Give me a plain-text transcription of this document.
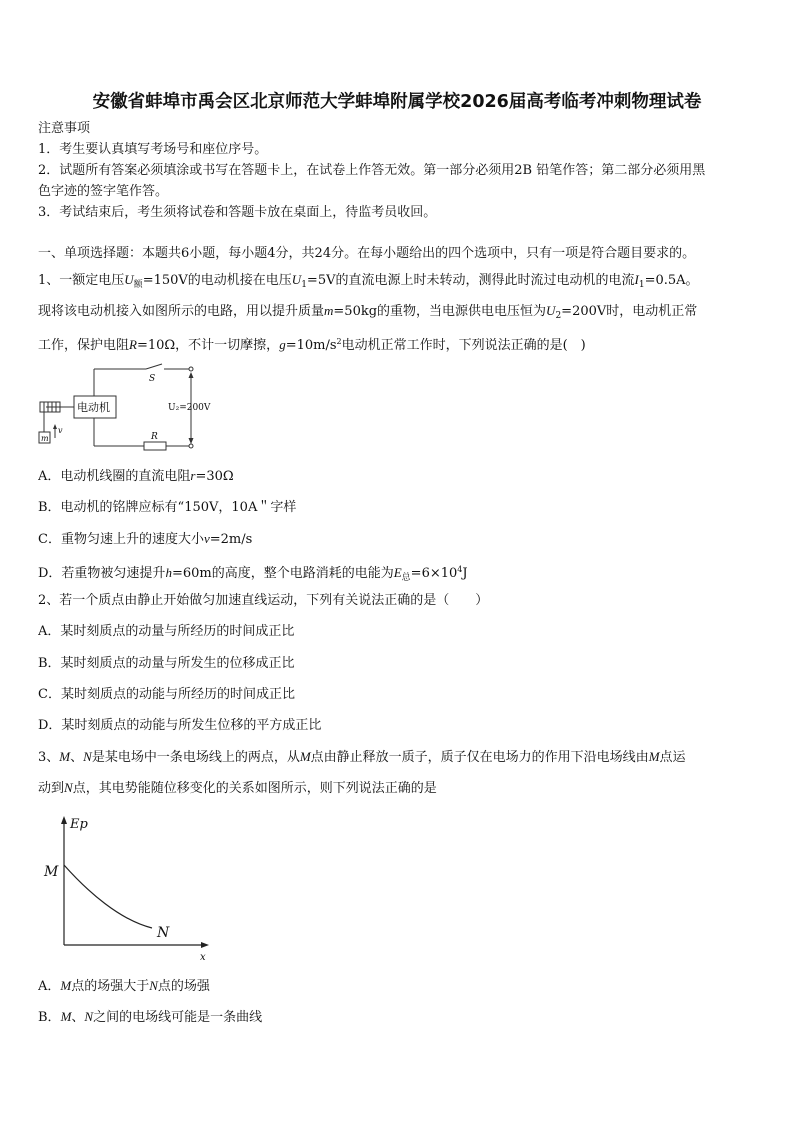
安徽省蚌埠市禹会区北京师范大学蚌埠附属学校2026届高考临考冲刺物理试卷
注意事项
1．考生要认真填写考场号和座位序号。
2．试题所有答案必须填涂或书写在答题卡上，在试卷上作答无效。第一部分必须用2B 铅笔作答；第二部分必须用黑
色字迹的签字笔作答。
3．考试结束后，考生须将试卷和答题卡放在桌面上，待监考员收回。
一、单项选择题：本题共6小题，每小题4分，共24分。在每小题给出的四个选项中，只有一项是符合题目要求的。
1、一额定电压$U_额=150V$的电动机接在电压$U_1=5V$的直流电源上时未转动，测得此时流过电动机的电流$I_1=0.5A$。
现将该电动机接入如图所示的电路，用以提升质量m=50kg的重物，当电源供电电压恒为$U_2=200V$时，电动机正常
工作，保护电阻R=10Ω，不计一切摩擦，$g=10m/s^2$电动机正常工作时，下列说法正确的是(　)
电动机
S
R
U₂=200V
m
v
A．电动机线圈的直流电阻r=30Ω
B．电动机的铭牌应标有“150V，10A＂字样
C．重物匀速上升的速度大小v=2m/s
D．若重物被匀速提升h=60m的高度，整个电路消耗的电能为$E_总=6\times 10^4J$
2、若一个质点由静止开始做匀加速直线运动，下列有关说法正确的是（　　）
A．某时刻质点的动量与所经历的时间成正比
B．某时刻质点的动量与所发生的位移成正比
C．某时刻质点的动能与所经历的时间成正比
D．某时刻质点的动能与所发生位移的平方成正比
3、M、N是某电场中一条电场线上的两点，从M点由静止释放一质子，质子仅在电场力的作用下沿电场线由M点运
动到N点，其电势能随位移变化的关系如图所示，则下列说法正确的是
Ep
x
M
N
A．M点的场强大于N点的场强
B．M、N之间的电场线可能是一条曲线
